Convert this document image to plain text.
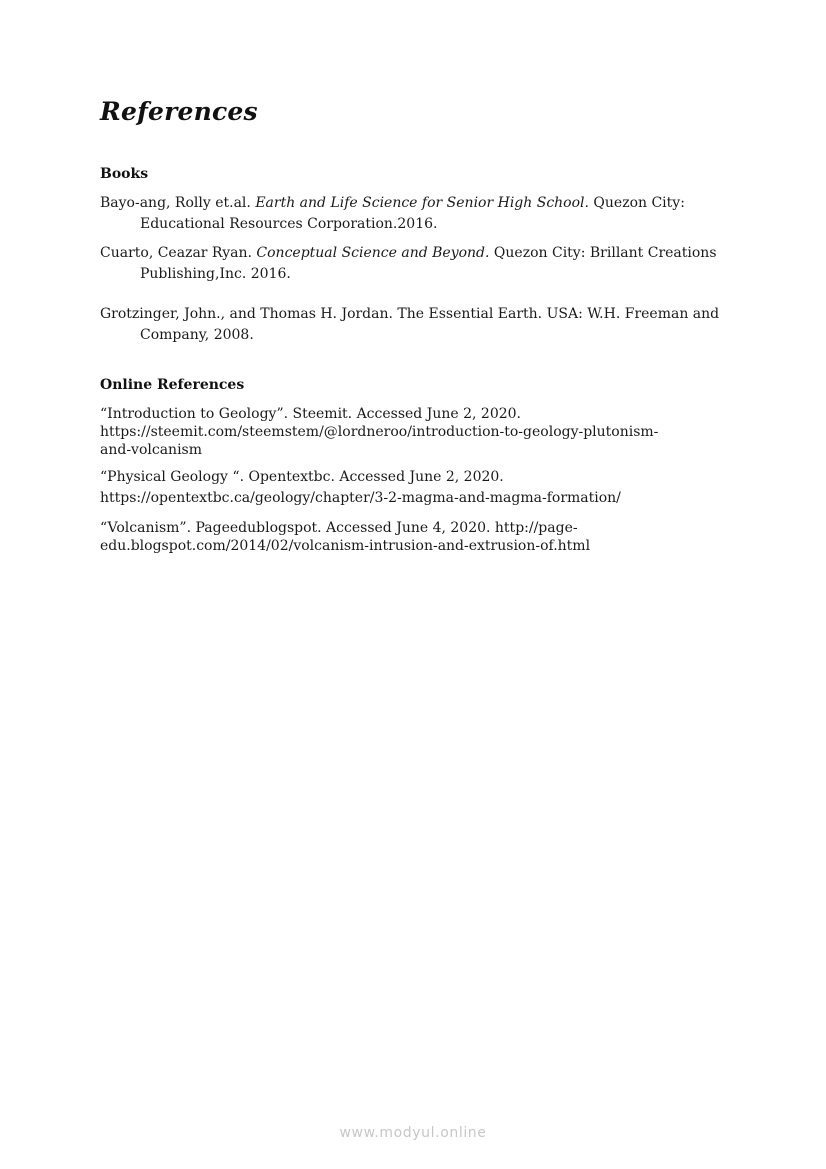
References
Books
Bayo-ang, Rolly et.al. Earth and Life Science for Senior High School. Quezon City: Educational Resources Corporation.2016.
Cuarto, Ceazar Ryan. Conceptual Science and Beyond. Quezon City: Brillant Creations Publishing,Inc. 2016.
Grotzinger, John., and Thomas H. Jordan. The Essential Earth. USA: W.H. Freeman and Company, 2008.
Online References
“Introduction to Geology”. Steemit. Accessed June 2, 2020.
https://steemit.com/steemstem/@lordneroo/introduction-to-geology-plutonism-
and-volcanism
“Physical Geology “. Opentextbc. Accessed June 2, 2020.
https://opentextbc.ca/geology/chapter/3-2-magma-and-magma-formation/
“Volcanism”. Pageedublogspot. Accessed June 4, 2020. http://page-
edu.blogspot.com/2014/02/volcanism-intrusion-and-extrusion-of.html
www.modyul.online
